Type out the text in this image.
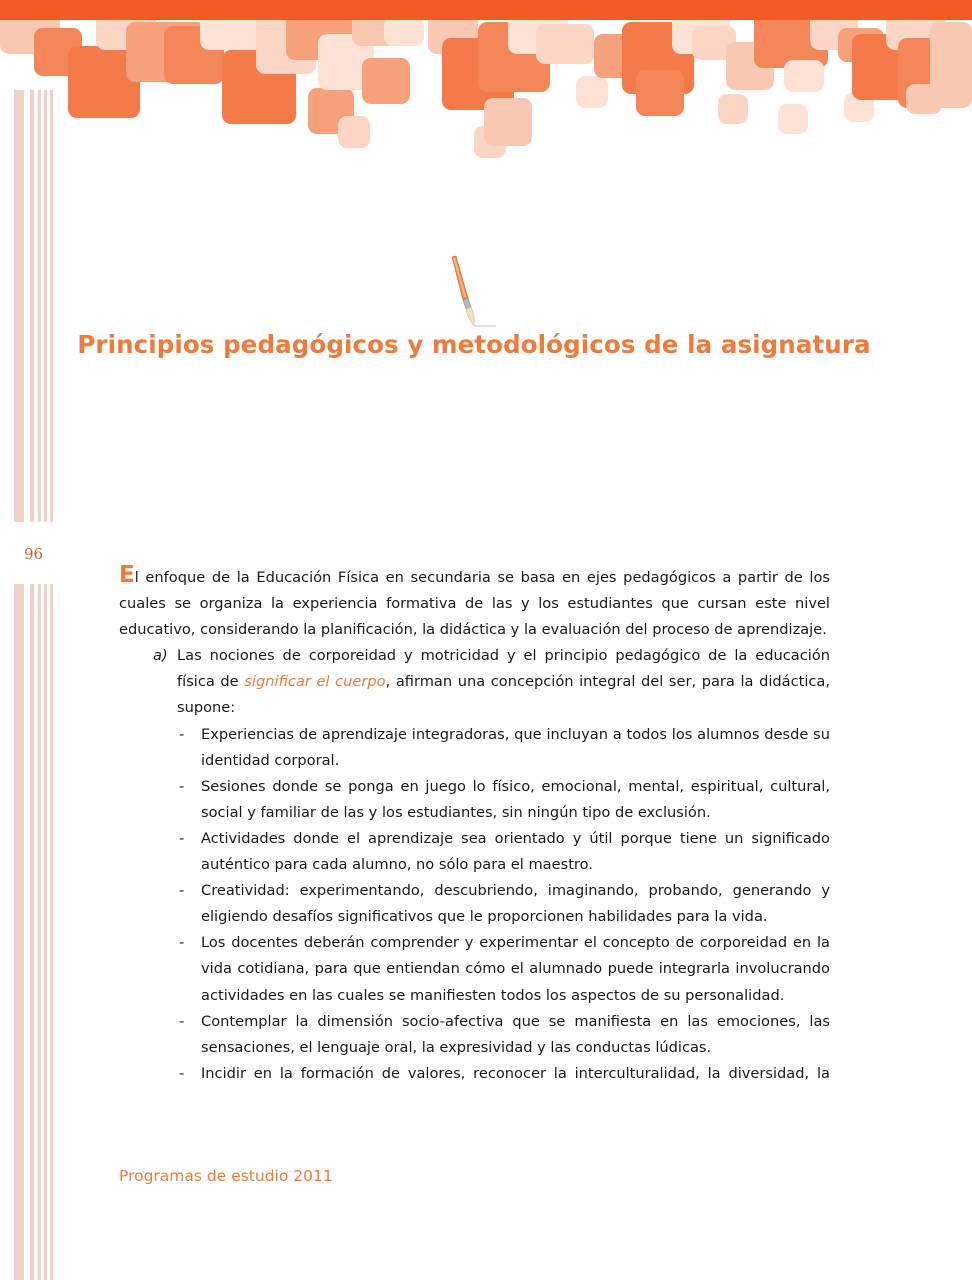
96
Principios pedagógicos y metodológicos de la asignatura

El enfoque de la Educación Física en secundaria se basa en ejes pedagógicos a partir de los cuales se organiza la experiencia formativa de las y los estudiantes que cursan este nivel educativo, considerando la planificación, la didáctica y la evaluación del proceso de aprendizaje.

a) Las nociones de corporeidad y motricidad y el principio pedagógico de la educación física de significar el cuerpo, afirman una concepción integral del ser, para la didáctica, supone:
- Experiencias de aprendizaje integradoras, que incluyan a todos los alumnos desde su identidad corporal.
- Sesiones donde se ponga en juego lo físico, emocional, mental, espiritual, cultural, social y familiar de las y los estudiantes, sin ningún tipo de exclusión.
- Actividades donde el aprendizaje sea orientado y útil porque tiene un significado auténtico para cada alumno, no sólo para el maestro.
- Creatividad: experimentando, descubriendo, imaginando, probando, generando y eligiendo desafíos significativos que le proporcionen habilidades para la vida.
- Los docentes deberán comprender y experimentar el concepto de corporeidad en la vida cotidiana, para que entiendan cómo el alumnado puede integrarla involucrando actividades en las cuales se manifiesten todos los aspectos de su personalidad.
- Contemplar la dimensión socio-afectiva que se manifiesta en las emociones, las sensaciones, el lenguaje oral, la expresividad y las conductas lúdicas.
- Incidir en la formación de valores, reconocer la interculturalidad, la diversidad, la
Programas de estudio 2011
